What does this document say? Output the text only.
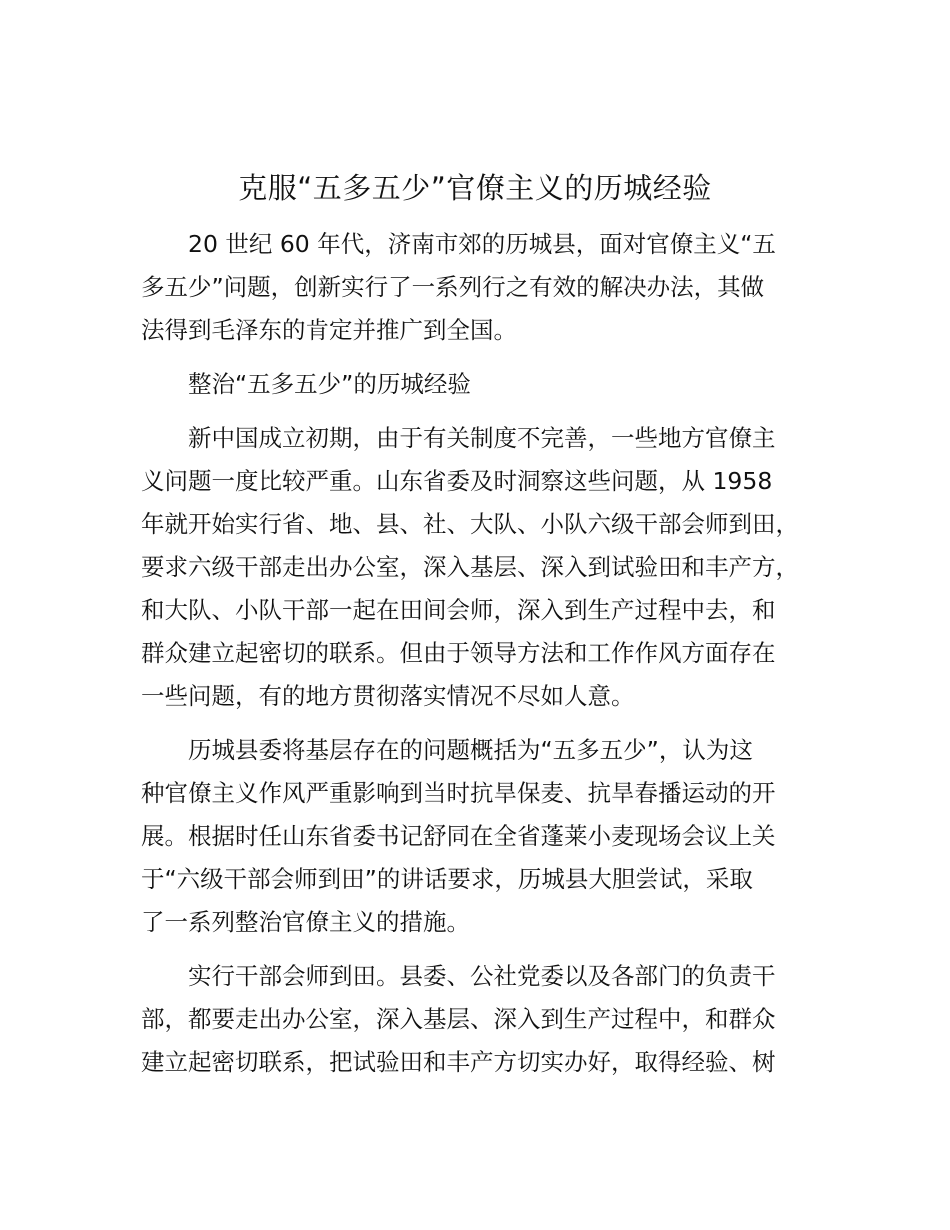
克服“五多五少”官僚主义的历城经验
20 世纪 60 年代，济南市郊的历城县，面对官僚主义“五
多五少”问题，创新实行了一系列行之有效的解决办法，其做
法得到毛泽东的肯定并推广到全国。
整治“五多五少”的历城经验
新中国成立初期，由于有关制度不完善，一些地方官僚主
义问题一度比较严重。山东省委及时洞察这些问题，从 1958
年就开始实行省、地、县、社、大队、小队六级干部会师到田，
要求六级干部走出办公室，深入基层、深入到试验田和丰产方，
和大队、小队干部一起在田间会师，深入到生产过程中去，和
群众建立起密切的联系。但由于领导方法和工作作风方面存在
一些问题，有的地方贯彻落实情况不尽如人意。
历城县委将基层存在的问题概括为“五多五少”，认为这
种官僚主义作风严重影响到当时抗旱保麦、抗旱春播运动的开
展。根据时任山东省委书记舒同在全省蓬莱小麦现场会议上关
于“六级干部会师到田”的讲话要求，历城县大胆尝试，采取
了一系列整治官僚主义的措施。
实行干部会师到田。县委、公社党委以及各部门的负责干
部，都要走出办公室，深入基层、深入到生产过程中，和群众
建立起密切联系，把试验田和丰产方切实办好，取得经验、树
